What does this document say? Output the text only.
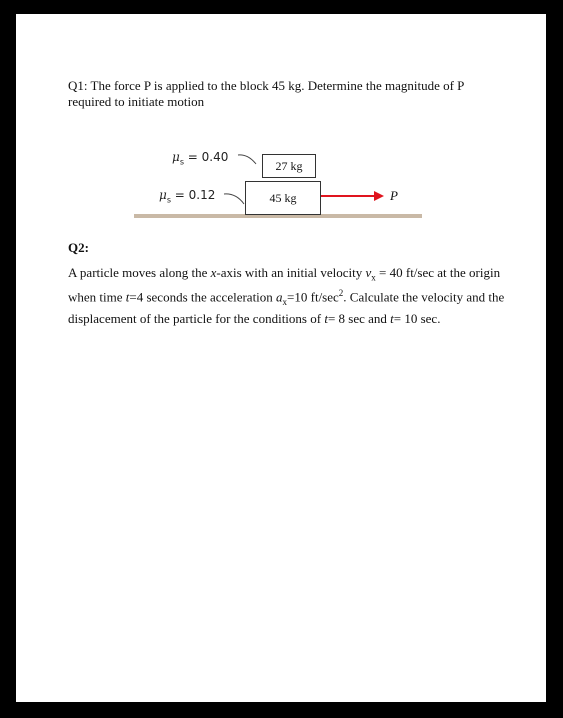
Q1: The force P is applied to the block 45 kg. Determine the magnitude of P required to initiate motion
$\mu_s = 0.40$
$\mu_s = 0.12$
27 kg
45 kg	P
Q2:
A particle moves along the x-axis with an initial velocity $v_x = 40$ ft/sec at the origin when time t=4 seconds the acceleration $a_x=10$ $ft/\sec^2$. Calculate the velocity and the displacement of the particle for the conditions of t= 8 sec and t= 10 sec.
